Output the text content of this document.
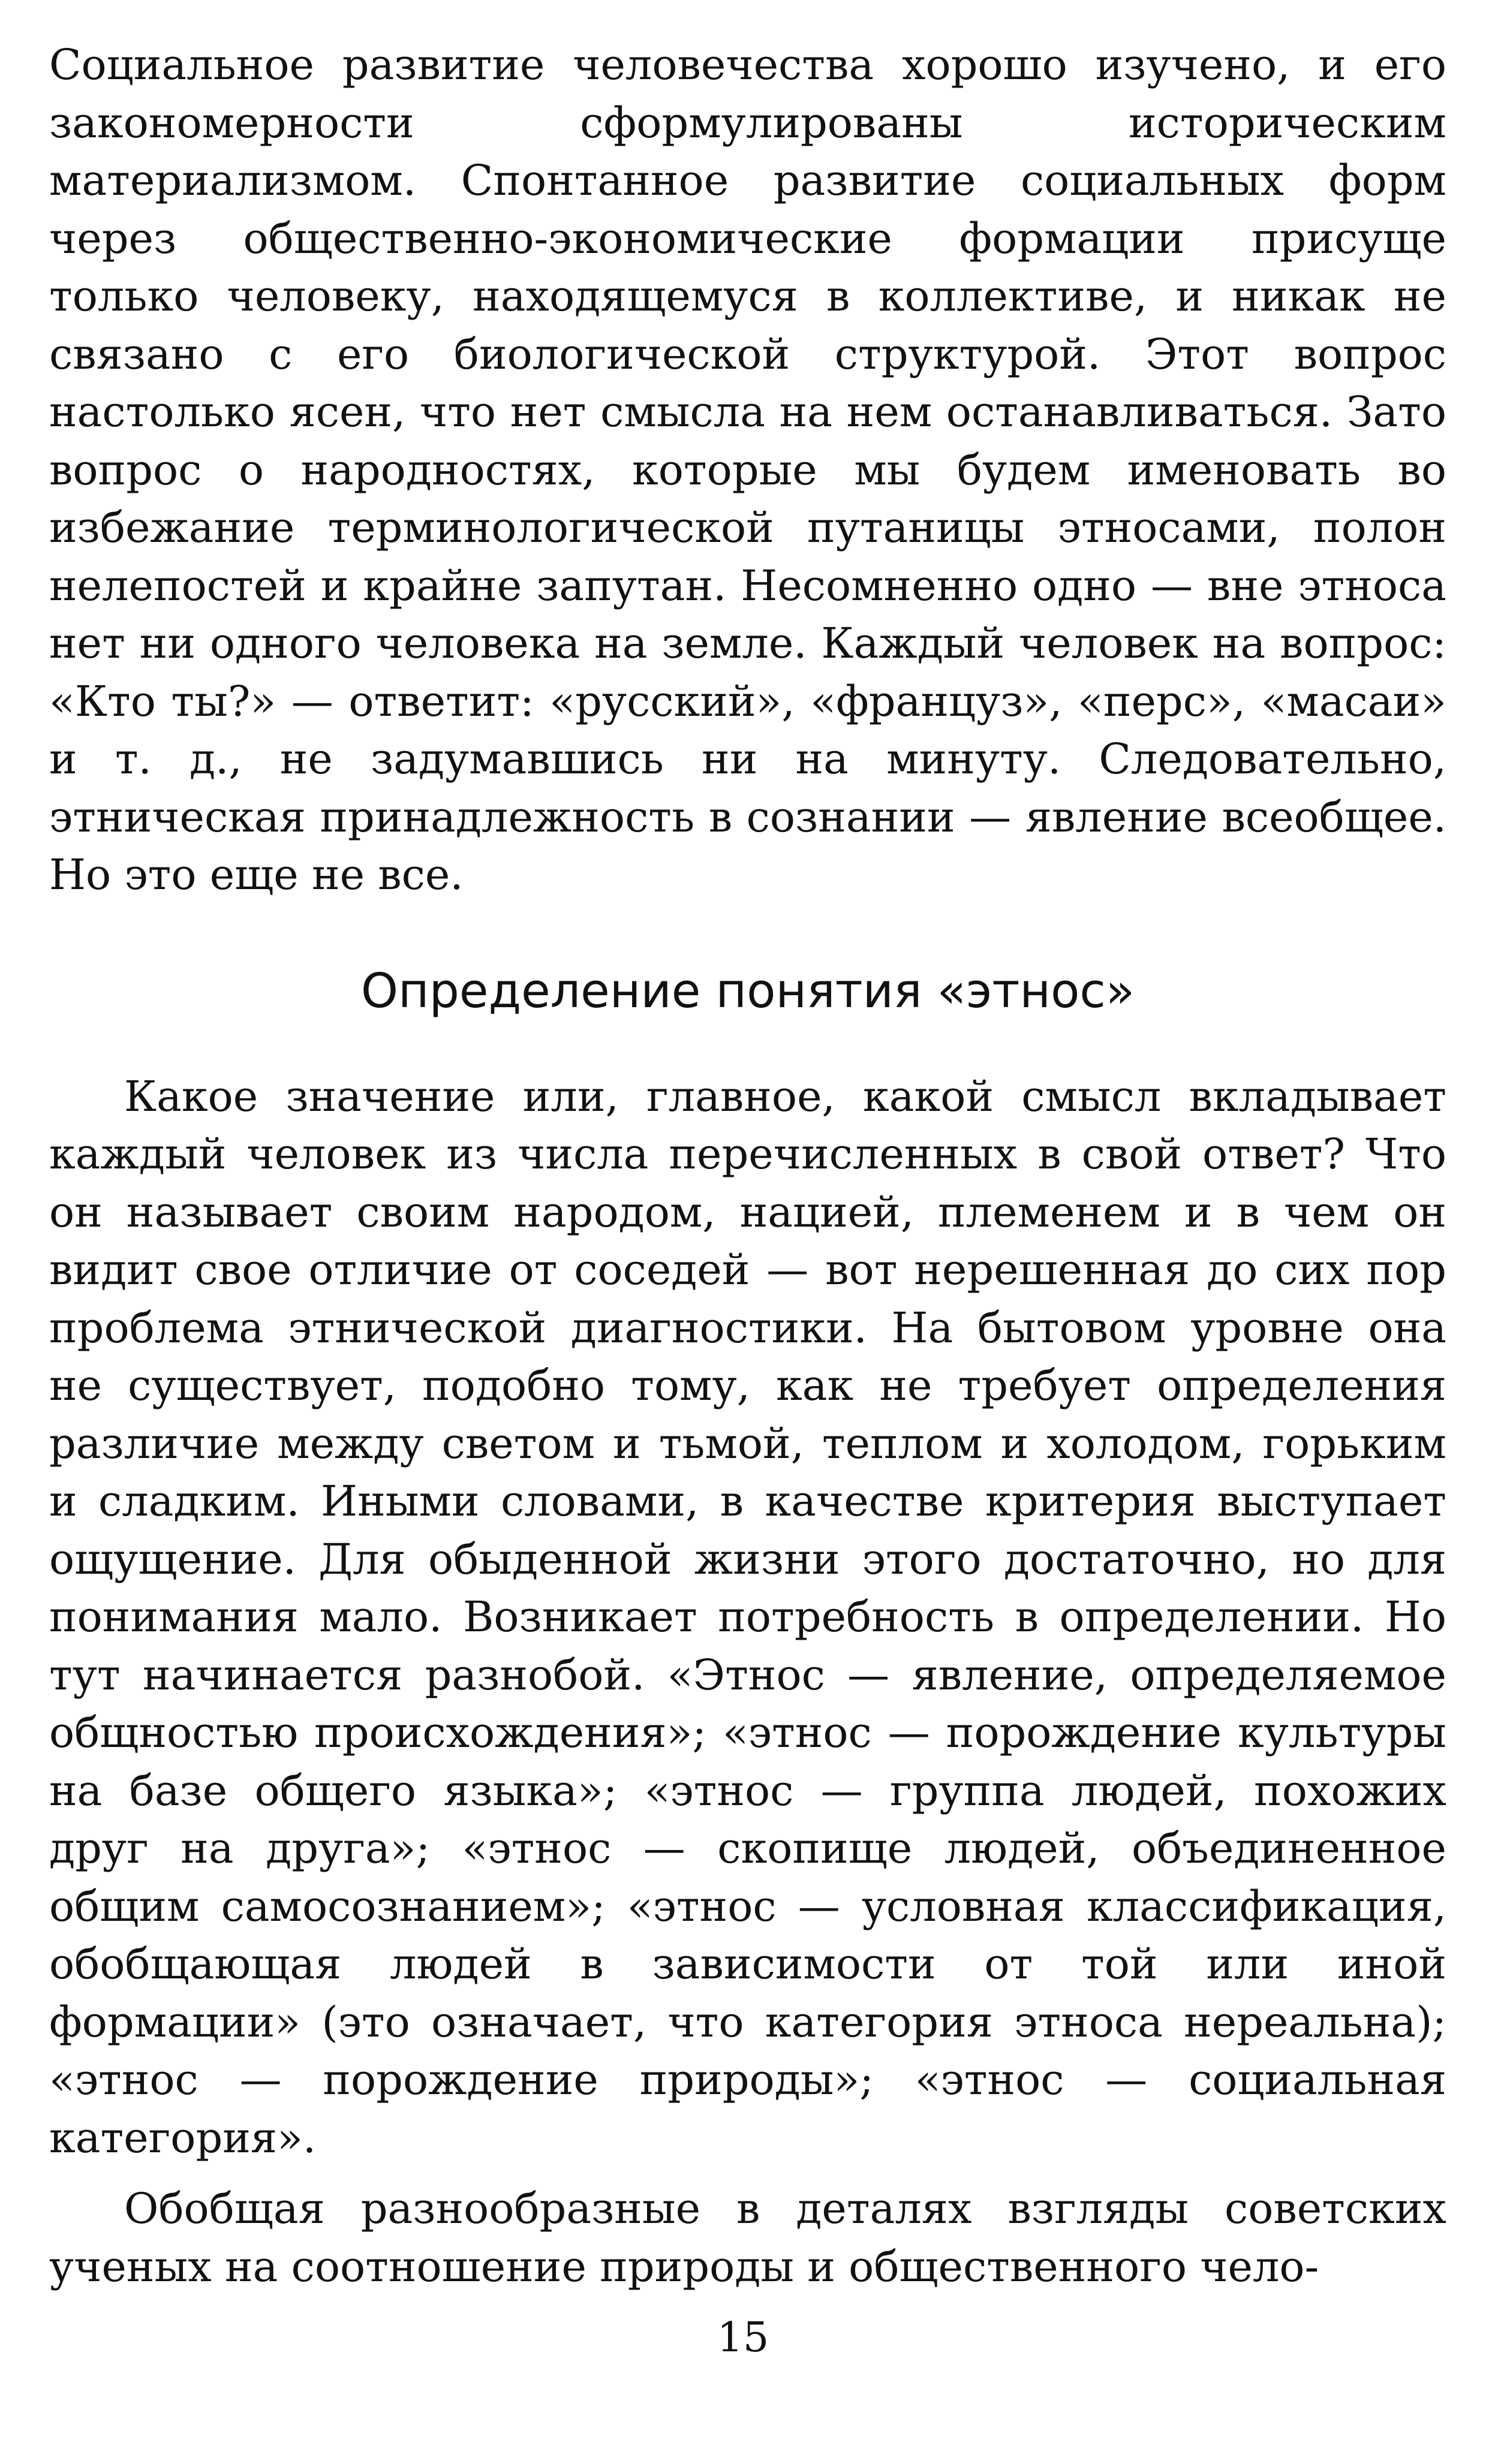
Социальное развитие человечества хорошо изучено, и его закономерности сформулированы историческим материализмом. Спонтанное развитие социальных форм через общественно-экономические формации присуще только человеку, находящемуся в коллективе, и никак не связано с его биологической структурой. Этот вопрос настолько ясен, что нет смысла на нем останавливаться. Зато вопрос о народностях, которые мы будем именовать во избежание терминологической путаницы этносами, полон нелепостей и крайне запутан. Несомненно одно — вне этноса нет ни одного человека на земле. Каждый человек на вопрос: «Кто ты?» — ответит: «русский», «француз», «перс», «масаи» и т. д., не задумавшись ни на минуту. Следовательно, этническая принадлежность в сознании — явление всеобщее. Но это еще не все.

Определение понятия «этнос»

Какое значение или, главное, какой смысл вкладывает каждый человек из числа перечисленных в свой ответ? Что он называет своим народом, нацией, племенем и в чем он видит свое отличие от соседей — вот нерешенная до сих пор проблема этнической диагностики. На бытовом уровне она не существует, подобно тому, как не требует определения различие между светом и тьмой, теплом и холодом, горьким и сладким. Иными словами, в качестве критерия выступает ощущение. Для обыденной жизни этого достаточно, но для понимания мало. Возникает потребность в определении. Но тут начинается разнобой. «Этнос — явление, определяемое общностью происхождения»; «этнос — порождение культуры на базе общего языка»; «этнос — группа людей, похожих друг на друга»; «этнос — скопище людей, объединенное общим самосознанием»; «этнос — условная классификация, обобщающая людей в зависимости от той или иной формации» (это означает, что категория этноса нереальна); «этнос — порождение природы»; «этнос — социальная категория».

Обобщая разнообразные в деталях взгляды советских ученых на соотношение природы и общественного чело-

15
